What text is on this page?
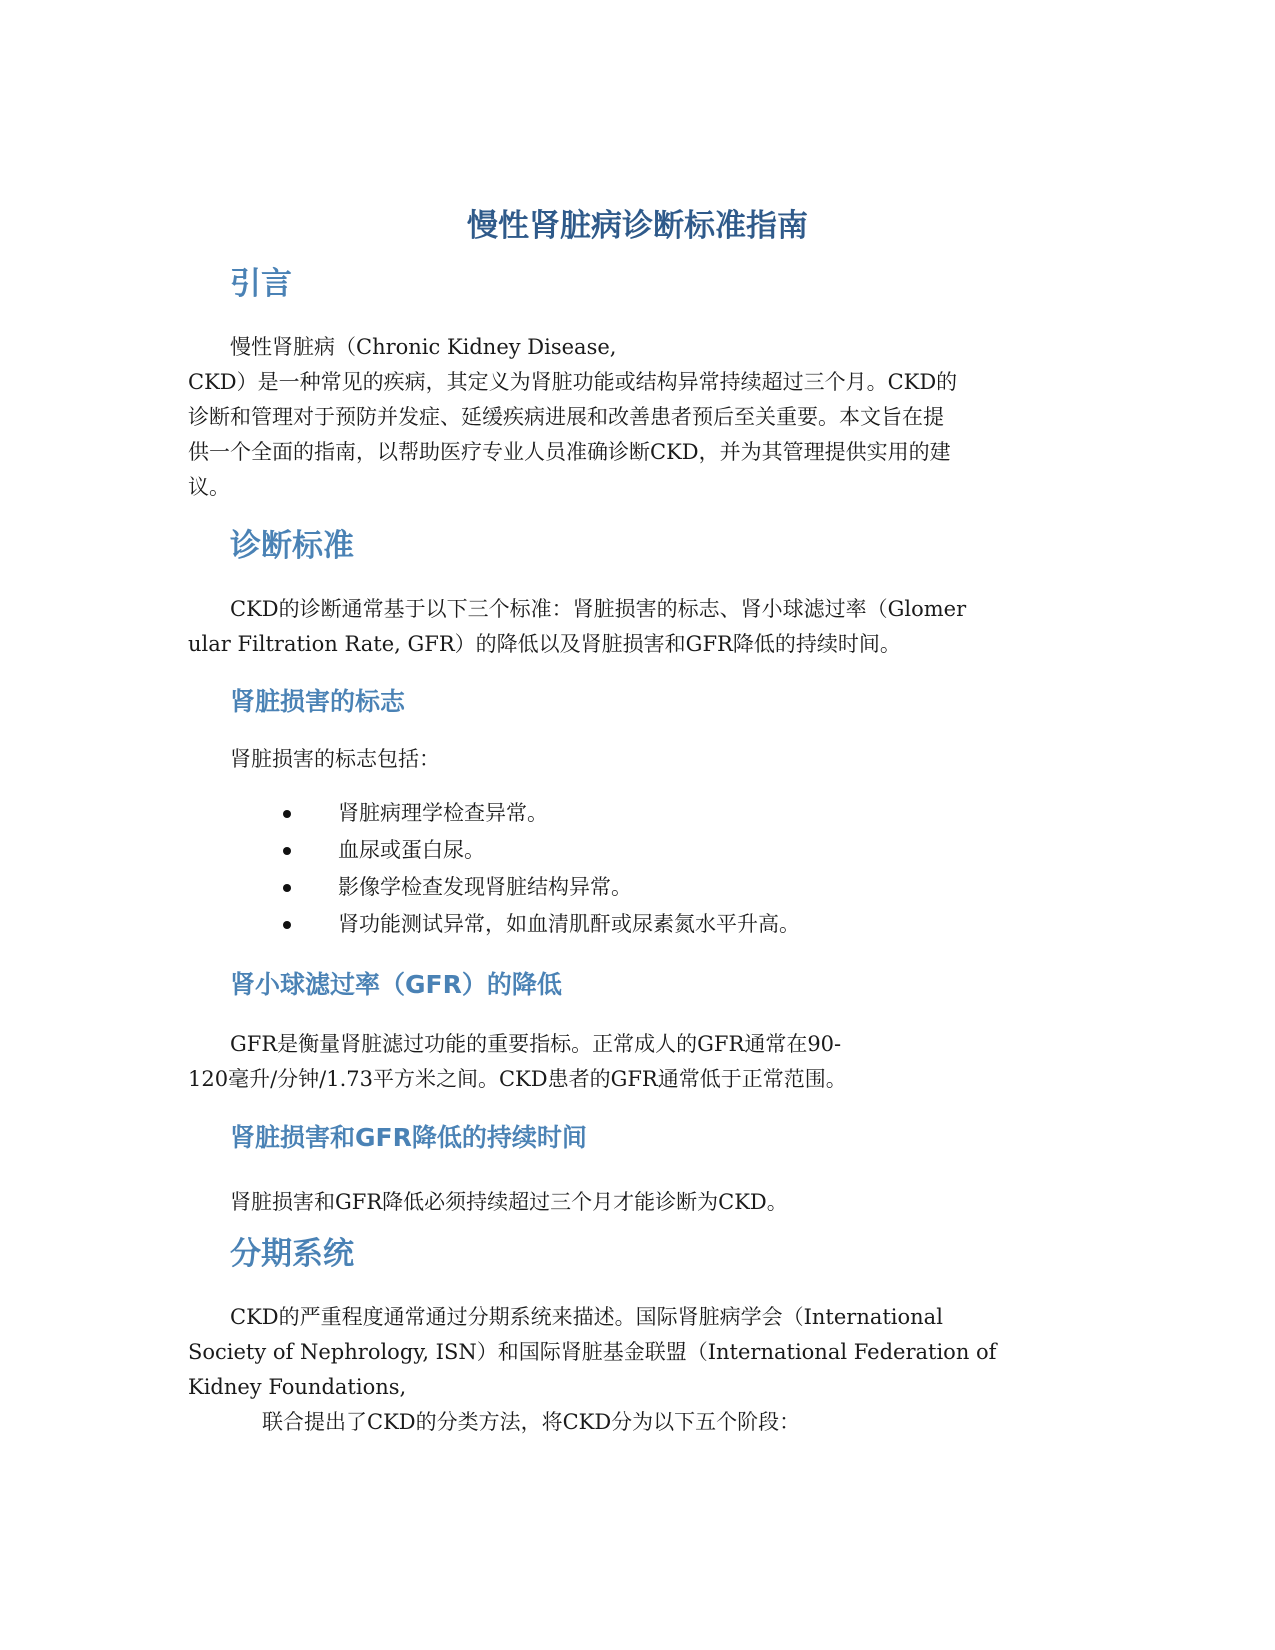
慢性肾脏病诊断标准指南
引言
慢性肾脏病（Chronic Kidney Disease,
CKD）是一种常见的疾病，其定义为肾脏功能或结构异常持续超过三个月。CKD的
诊断和管理对于预防并发症、延缓疾病进展和改善患者预后至关重要。本文旨在提
供一个全面的指南，以帮助医疗专业人员准确诊断CKD，并为其管理提供实用的建
议。
诊断标准
CKD的诊断通常基于以下三个标准：肾脏损害的标志、肾小球滤过率（Glomer
ular Filtration Rate, GFR）的降低以及肾脏损害和GFR降低的持续时间。
肾脏损害的标志
肾脏损害的标志包括：
肾脏病理学检查异常。
血尿或蛋白尿。
影像学检查发现肾脏结构异常。
肾功能测试异常，如血清肌酐或尿素氮水平升高。
肾小球滤过率（GFR）的降低
GFR是衡量肾脏滤过功能的重要指标。正常成人的GFR通常在90-
120毫升/分钟/1.73平方米之间。CKD患者的GFR通常低于正常范围。
肾脏损害和GFR降低的持续时间
肾脏损害和GFR降低必须持续超过三个月才能诊断为CKD。
分期系统
CKD的严重程度通常通过分期系统来描述。国际肾脏病学会（International
Society of Nephrology, ISN）和国际肾脏基金联盟（International Federation of
Kidney Foundations,
联合提出了CKD的分类方法，将CKD分为以下五个阶段：
